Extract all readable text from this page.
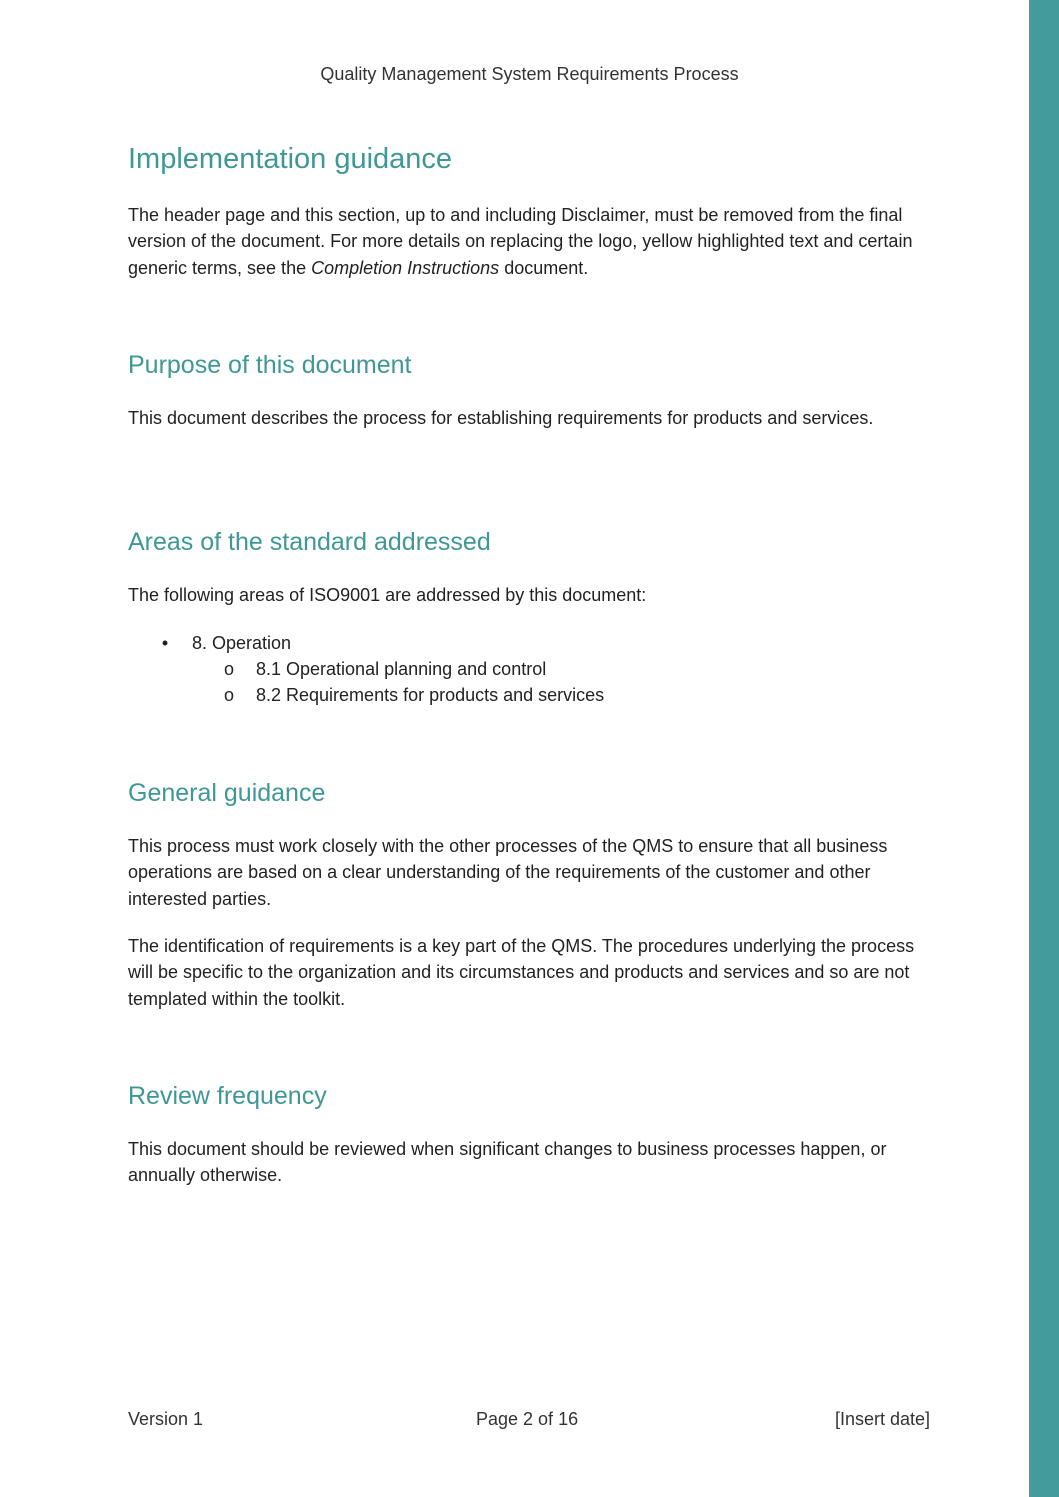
Quality Management System Requirements Process
Implementation guidance

The header page and this section, up to and including Disclaimer, must be removed from the final version of the document. For more details on replacing the logo, yellow highlighted text and certain generic terms, see the Completion Instructions document.

Purpose of this document

This document describes the process for establishing requirements for products and services.

Areas of the standard addressed

The following areas of ISO9001 are addressed by this document:

•	8. Operation
o	8.1 Operational planning and control
o	8.2 Requirements for products and services
General guidance

This process must work closely with the other processes of the QMS to ensure that all business operations are based on a clear understanding of the requirements of the customer and other interested parties.

The identification of requirements is a key part of the QMS. The procedures underlying the process will be specific to the organization and its circumstances and products and services and so are not templated within the toolkit.

Review frequency

This document should be reviewed when significant changes to business processes happen, or annually otherwise.

Version 1	Page 2 of 16	[Insert date]
